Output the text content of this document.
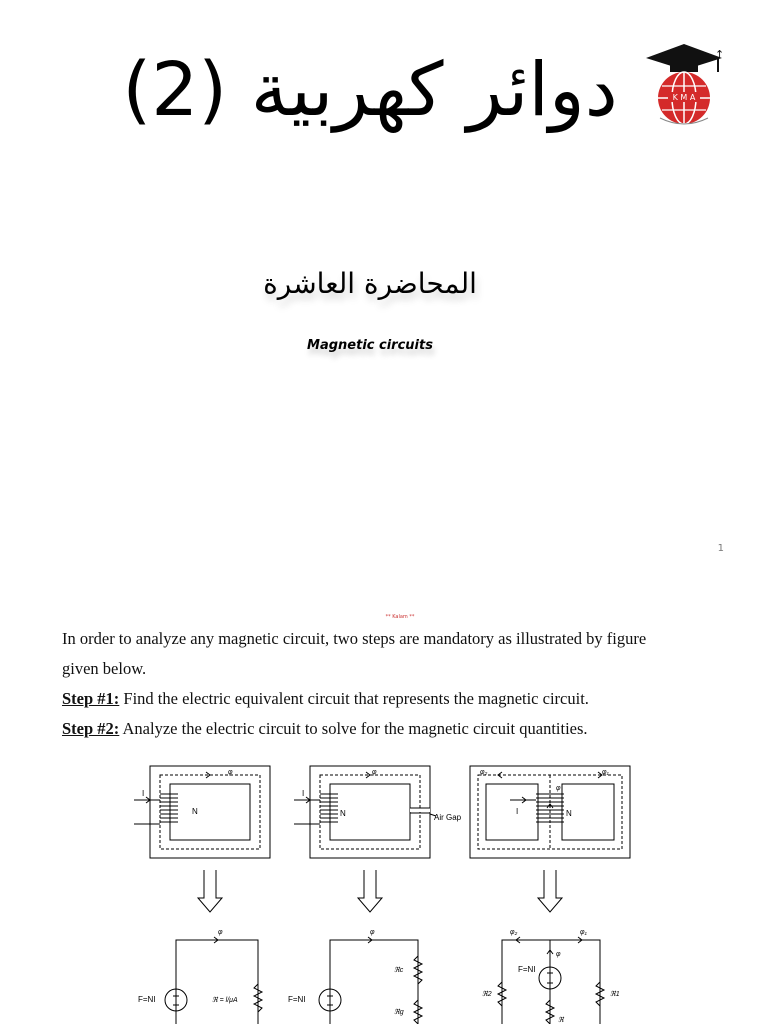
دوائر كهربية (2)	↑
K M A
المحاضرة العاشرة
Magnetic circuits
1
** Kalam **

In order to analyze any magnetic circuit, two steps are mandatory as illustrated by figure

given below.

Step #1: Find the electric equivalent circuit that represents the magnetic circuit.

Step #2: Analyze the electric circuit to solve for the magnetic circuit quantities.

I
N
φ
I
N
φ
Air Gap
φ₂	φ₁
φ
I	N
φ
F=NI	ℜ = l/μA
φ
F=NI
ℜc
ℜg
φ₂	φ₁
φ
F=NI
ℜ2	ℜ1
ℜ
